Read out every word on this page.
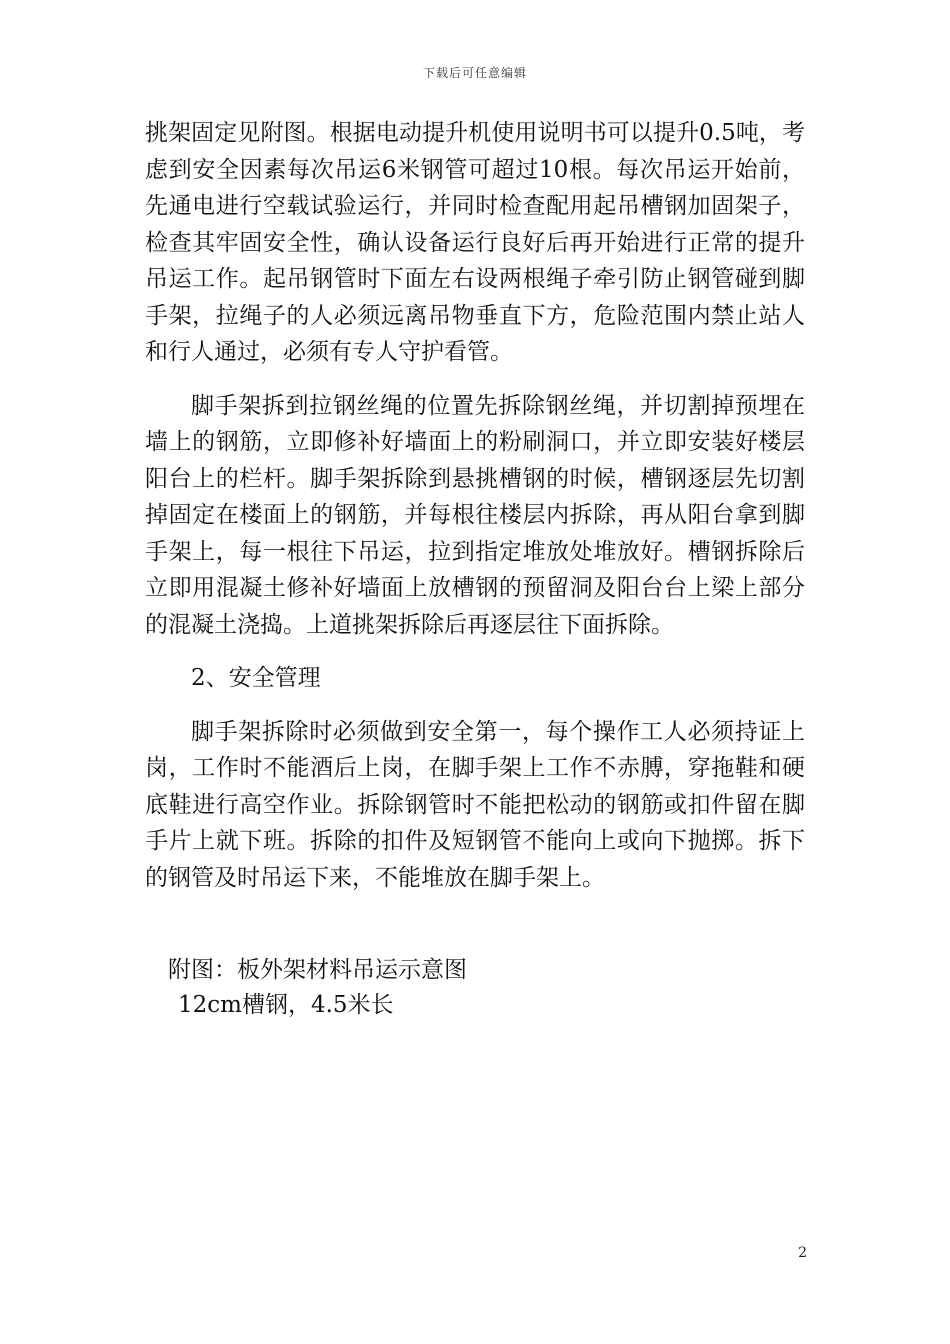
下载后可任意编辑

挑架固定见附图。根据电动提升机使用说明书可以提升0.5吨，考虑到安全因素每次吊运6米钢管可超过10根。每次吊运开始前，先通电进行空载试验运行，并同时检查配用起吊槽钢加固架子，检查其牢固安全性，确认设备运行良好后再开始进行正常的提升吊运工作。起吊钢管时下面左右设两根绳子牵引防止钢管碰到脚手架，拉绳子的人必须远离吊物垂直下方，危险范围内禁止站人和行人通过，必须有专人守护看管。

脚手架拆到拉钢丝绳的位置先拆除钢丝绳，并切割掉预埋在墙上的钢筋，立即修补好墙面上的粉刷洞口，并立即安装好楼层阳台上的栏杆。脚手架拆除到悬挑槽钢的时候，槽钢逐层先切割掉固定在楼面上的钢筋，并每根往楼层内拆除，再从阳台拿到脚手架上，每一根往下吊运，拉到指定堆放处堆放好。槽钢拆除后立即用混凝土修补好墙面上放槽钢的预留洞及阳台台上梁上部分的混凝土浇捣。上道挑架拆除后再逐层往下面拆除。

2、安全管理

脚手架拆除时必须做到安全第一，每个操作工人必须持证上岗，工作时不能酒后上岗，在脚手架上工作不赤膊，穿拖鞋和硬底鞋进行高空作业。拆除钢管时不能把松动的钢筋或扣件留在脚手片上就下班。拆除的扣件及短钢管不能向上或向下抛掷。拆下的钢管及时吊运下来，不能堆放在脚手架上。

附图：板外架材料吊运示意图
12cm槽钢，4.5米长
2
